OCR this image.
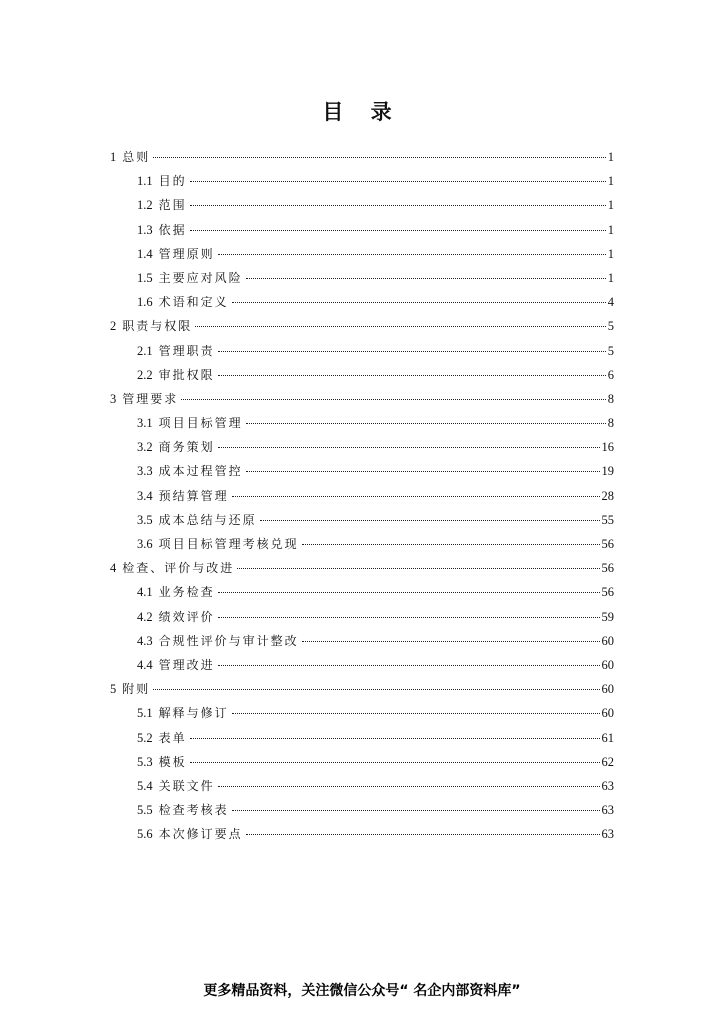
目 录
1 总则	1
1.1 目的	1
1.2 范围	1
1.3 依据	1
1.4 管理原则	1
1.5 主要应对风险	1
1.6 术语和定义	4
2 职责与权限	5
2.1 管理职责	5
2.2 审批权限	6
3 管理要求	8
3.1 项目目标管理	8
3.2 商务策划	16
3.3 成本过程管控	19
3.4 预结算管理	28
3.5 成本总结与还原	55
3.6 项目目标管理考核兑现	56
4 检查、评价与改进	56
4.1 业务检查	56
4.2 绩效评价	59
4.3 合规性评价与审计整改	60
4.4 管理改进	60
5 附则	60
5.1 解释与修订	60
5.2 表单	61
5.3 模板	62
5.4 关联文件	63
5.5 检查考核表	63
5.6 本次修订要点	63
更多精品资料，关注微信公众号“ 名企内部资料库”
